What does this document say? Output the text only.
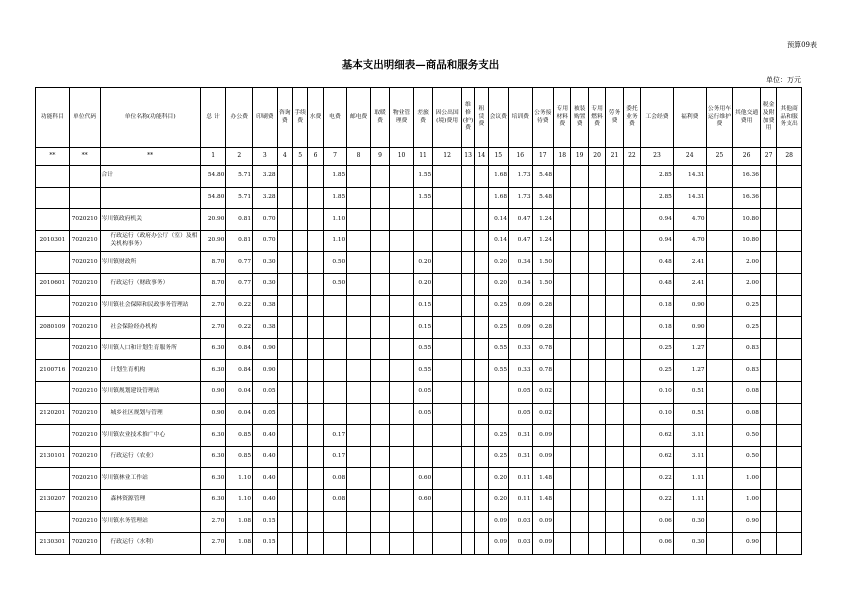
预算09表
基本支出明细表—商品和服务支出
单位：万元
功能科目	单位代码	单位名称(功能科目)	总 计	办公费	印刷费	咨询费	手续费	水费	电费	邮电费	取暖费	物业管理费	差旅费	因公出国(境)费用	维修(护)费	租赁费	会议费	培训费	公务接待费	专用材料费	被装购置费	专用燃料费	劳务费	委托业务费	工会经费	福利费	公务用车运行维护费	其他交通费用	税金及附加费用	其他商品和服务支出
**	**	**	1	2	3	4	5	6	7	8	9	10	11	12	13	14	15	16	17	18	19	20	21	22	23	24	25	26	27	28
		合计	54.80	5.71	3.28				1.85				1.55				1.68	1.73	5.48						2.85	14.31		16.36		
			54.80	5.71	3.28				1.85				1.55				1.68	1.73	5.48						2.85	14.31		16.36		
	7020210	岑川镇政府机关	20.90	0.81	0.70				1.10								0.14	0.47	1.24						0.94	4.70		10.80		
2010301	7020210	行政运行（政府办公厅（室）及相关机构事务）	20.90	0.81	0.70				1.10								0.14	0.47	1.24						0.94	4.70		10.80		
	7020210	岑川镇财政所	8.70	0.77	0.30				0.50				0.20				0.20	0.34	1.50						0.48	2.41		2.00		
2010601	7020210	行政运行（财政事务）	8.70	0.77	0.30				0.50				0.20				0.20	0.34	1.50						0.48	2.41		2.00		
	7020210	岑川镇社会保障和民政事务管理站	2.70	0.22	0.38								0.15				0.25	0.09	0.28						0.18	0.90		0.25		
2080109	7020210	社会保险经办机构	2.70	0.22	0.38								0.15				0.25	0.09	0.28						0.18	0.90		0.25		
	7020210	岑川镇人口和计划生育服务所	6.30	0.84	0.90								0.55				0.55	0.33	0.78						0.25	1.27		0.83		
2100716	7020210	计划生育机构	6.30	0.84	0.90								0.55				0.55	0.33	0.78						0.25	1.27		0.83		
	7020210	岑川镇规划建设管理站	0.90	0.04	0.05								0.05					0.05	0.02						0.10	0.51		0.08		
2120201	7020210	城乡社区规划与管理	0.90	0.04	0.05								0.05					0.05	0.02						0.10	0.51		0.08		
	7020210	岑川镇农业技术推广中心	6.30	0.85	0.40				0.17								0.25	0.31	0.09						0.62	3.11		0.50		
2130101	7020210	行政运行（农业）	6.30	0.85	0.40				0.17								0.25	0.31	0.09						0.62	3.11		0.50		
	7020210	岑川镇林业工作站	6.30	1.10	0.40				0.08				0.60				0.20	0.11	1.48						0.22	1.11		1.00		
2130207	7020210	森林资源管理	6.30	1.10	0.40				0.08				0.60				0.20	0.11	1.48						0.22	1.11		1.00		
	7020210	岑川镇水务管理站	2.70	1.08	0.15												0.09	0.03	0.09						0.06	0.30		0.90		
2130301	7020210	行政运行（水利）	2.70	1.08	0.15												0.09	0.03	0.09						0.06	0.30		0.90		
